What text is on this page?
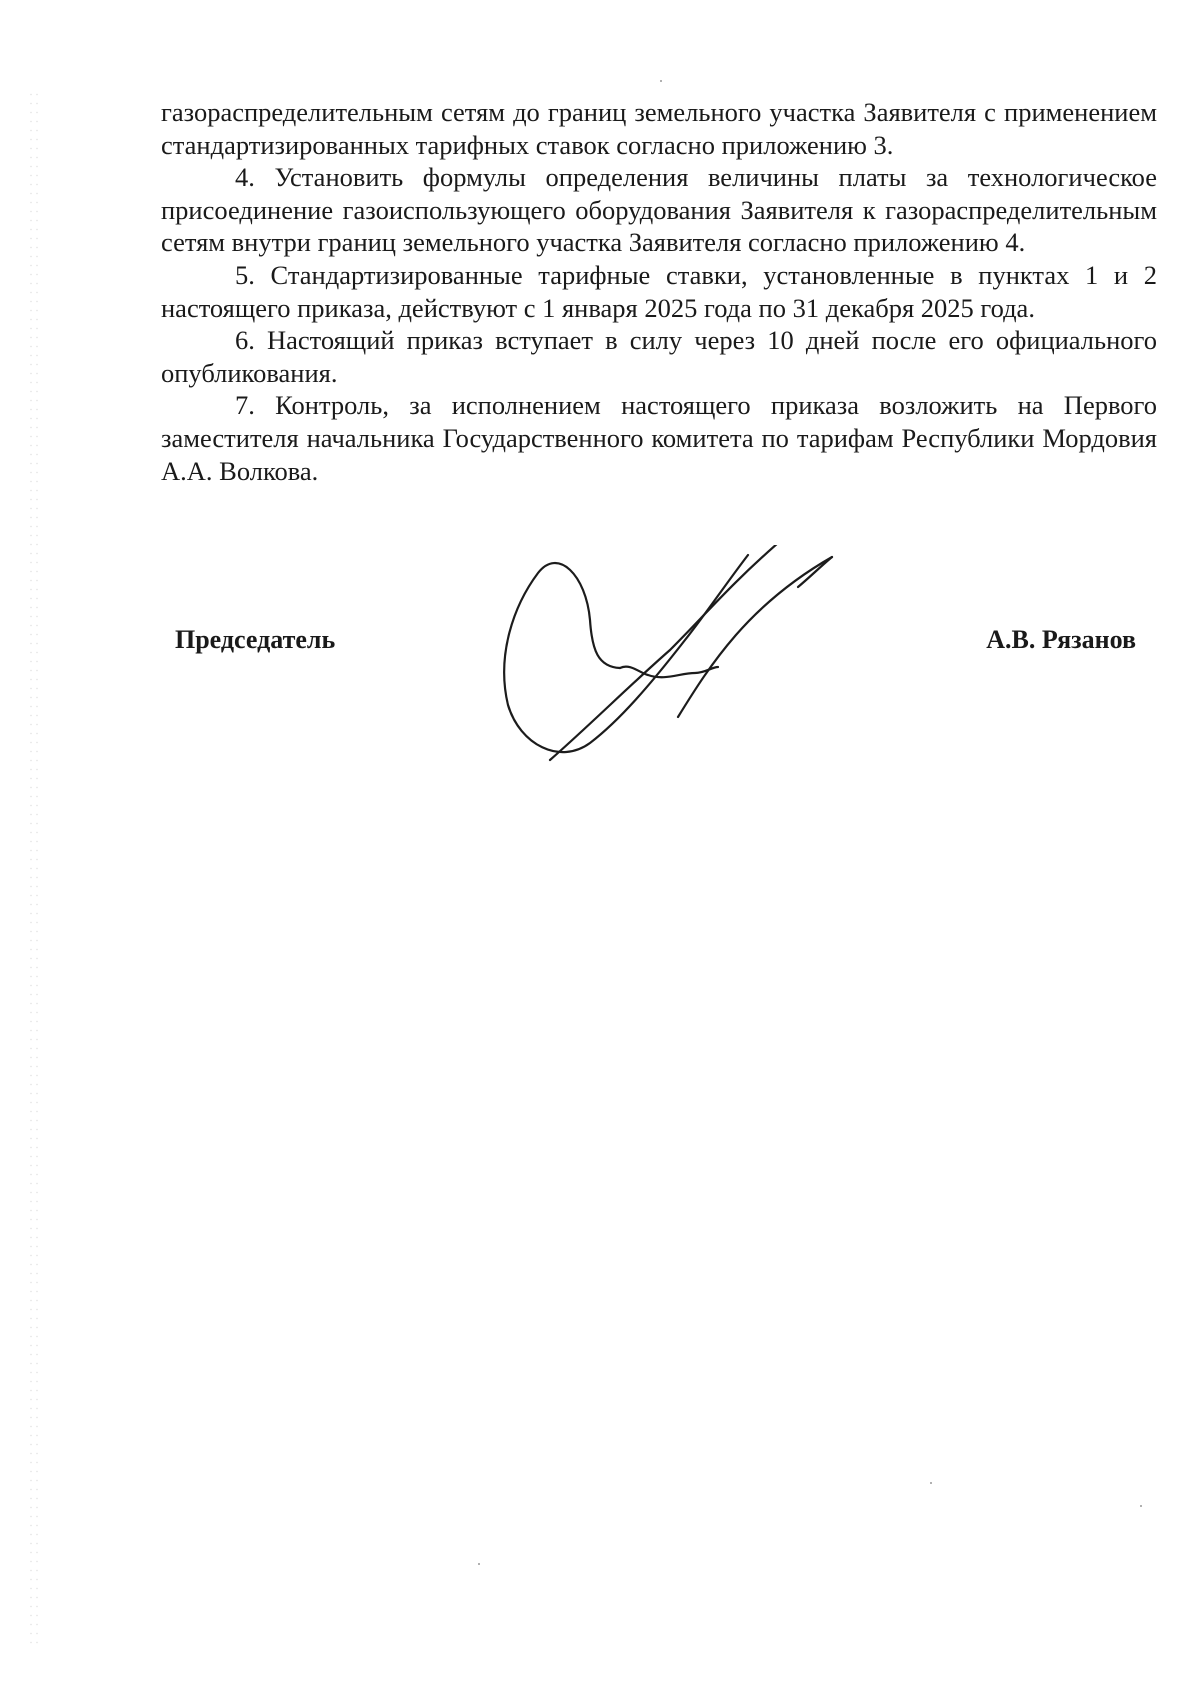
газораспределительным сетям до границ земельного участка Заявителя с применением стандартизированных тарифных ставок согласно приложению 3.

4. Установить формулы определения величины платы за технологическое присоединение газоиспользующего оборудования Заявителя к газораспределительным сетям внутри границ земельного участка Заявителя согласно приложению 4.

5. Стандартизированные тарифные ставки, установленные в пунктах 1 и 2 настоящего приказа, действуют с 1 января 2025 года по 31 декабря 2025 года.

6. Настоящий приказ вступает в силу через 10 дней после его официального опубликования.

7. Контроль, за исполнением настоящего приказа возложить на Первого заместителя начальника Государственного комитета по тарифам Республики Мордовия А.А. Волкова.

Председатель	А.В. Рязанов
